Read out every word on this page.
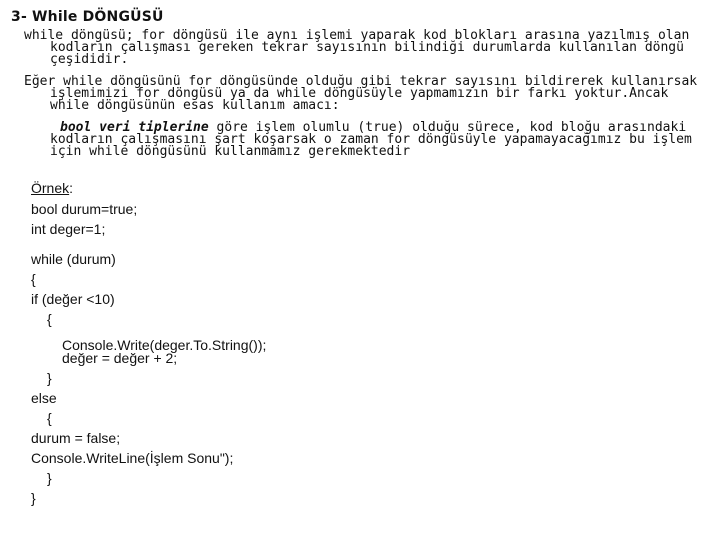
3- While DÖNGÜSÜ
while döngüsü; for döngüsü ile aynı işlemi yaparak kod blokları arasına yazılmış olan
kodların çalışması gereken tekrar sayısının bilindiği durumlarda kullanılan döngü
çeşididir.
Eğer while döngüsünü for döngüsünde olduğu gibi tekrar sayısını bildirerek kullanırsak
işlemimizi for döngüsü ya da while döngüsüyle yapmamızın bir farkı yoktur.Ancak
while döngüsünün esas kullanım amacı:
bool veri tiplerine göre işlem olumlu (true) olduğu sürece, kod bloğu arasındaki
kodların çalışmasını şart koşarsak o zaman for döngüsüyle yapamayacağımız bu işlem
için while döngüsünü kullanmamız gerekmektedir
Örnek:
bool durum=true;
int deger=1;
while (durum)
{
if (değer <10)
{
Console.Write(deger.To.String());
değer = değer + 2;
}
else
{
durum = false;
Console.WriteLine(İşlem Sonu");
}
}
